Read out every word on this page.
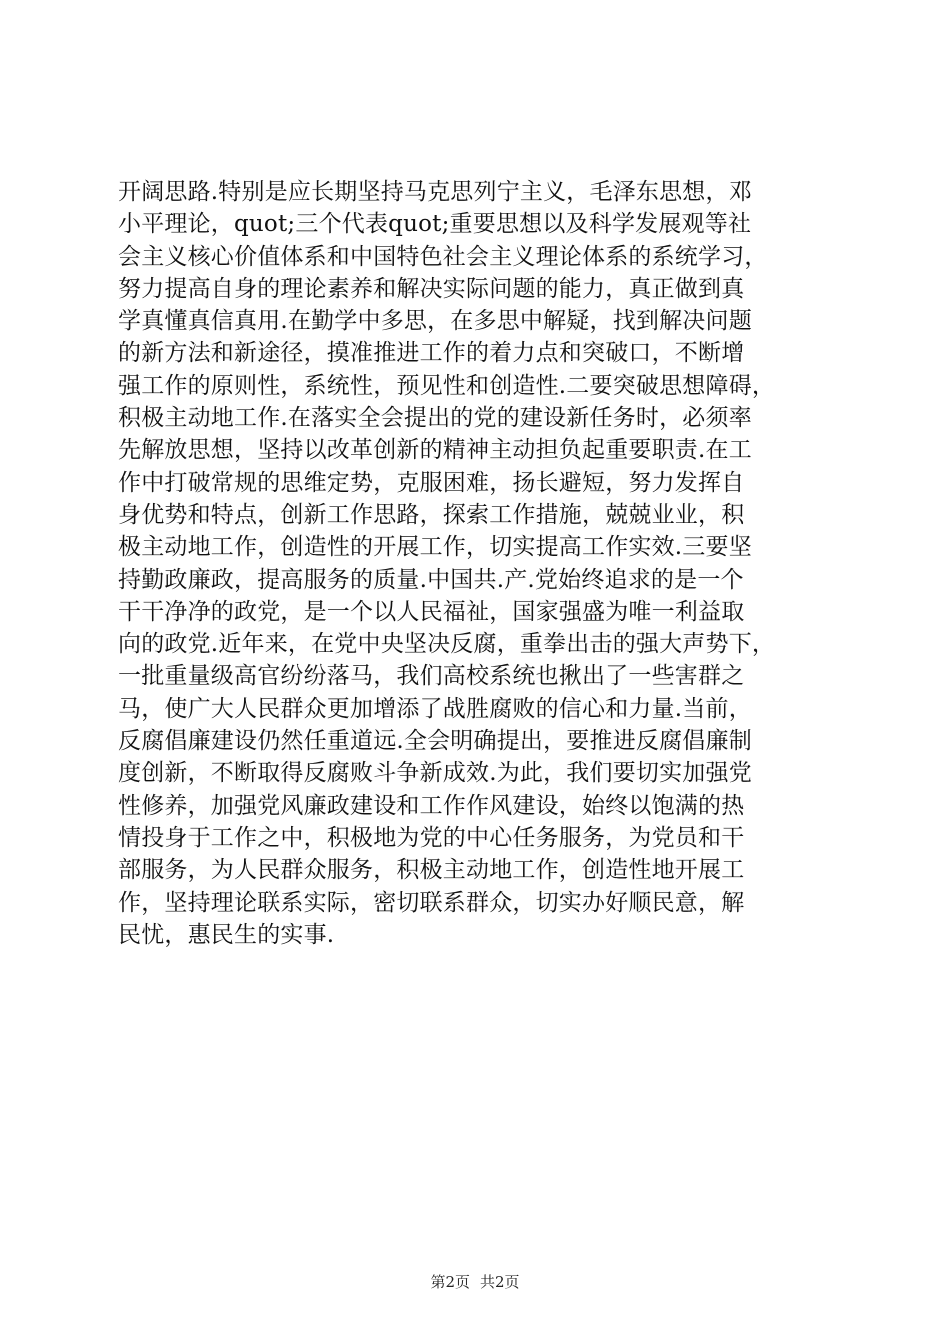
开阔思路.特别是应长期坚持马克思列宁主义，毛泽东思想，邓
小平理论，quot;三个代表quot;重要思想以及科学发展观等社
会主义核心价值体系和中国特色社会主义理论体系的系统学习，
努力提高自身的理论素养和解决实际问题的能力，真正做到真
学真懂真信真用.在勤学中多思，在多思中解疑，找到解决问题
的新方法和新途径，摸准推进工作的着力点和突破口，不断增
强工作的原则性，系统性，预见性和创造性.二要突破思想障碍，
积极主动地工作.在落实全会提出的党的建设新任务时，必须率
先解放思想，坚持以改革创新的精神主动担负起重要职责.在工
作中打破常规的思维定势，克服困难，扬长避短，努力发挥自
身优势和特点，创新工作思路，探索工作措施，兢兢业业，积
极主动地工作，创造性的开展工作，切实提高工作实效.三要坚
持勤政廉政，提高服务的质量.中国共.产.党始终追求的是一个
干干净净的政党，是一个以人民福祉，国家强盛为唯一利益取
向的政党.近年来，在党中央坚决反腐，重拳出击的强大声势下，
一批重量级高官纷纷落马，我们高校系统也揪出了一些害群之
马，使广大人民群众更加增添了战胜腐败的信心和力量.当前，
反腐倡廉建设仍然任重道远.全会明确提出，要推进反腐倡廉制
度创新，不断取得反腐败斗争新成效.为此，我们要切实加强党
性修养，加强党风廉政建设和工作作风建设，始终以饱满的热
情投身于工作之中，积极地为党的中心任务服务，为党员和干
部服务，为人民群众服务，积极主动地工作，创造性地开展工
作，坚持理论联系实际，密切联系群众，切实办好顺民意，解
民忧，惠民生的实事.
第2页 共2页
